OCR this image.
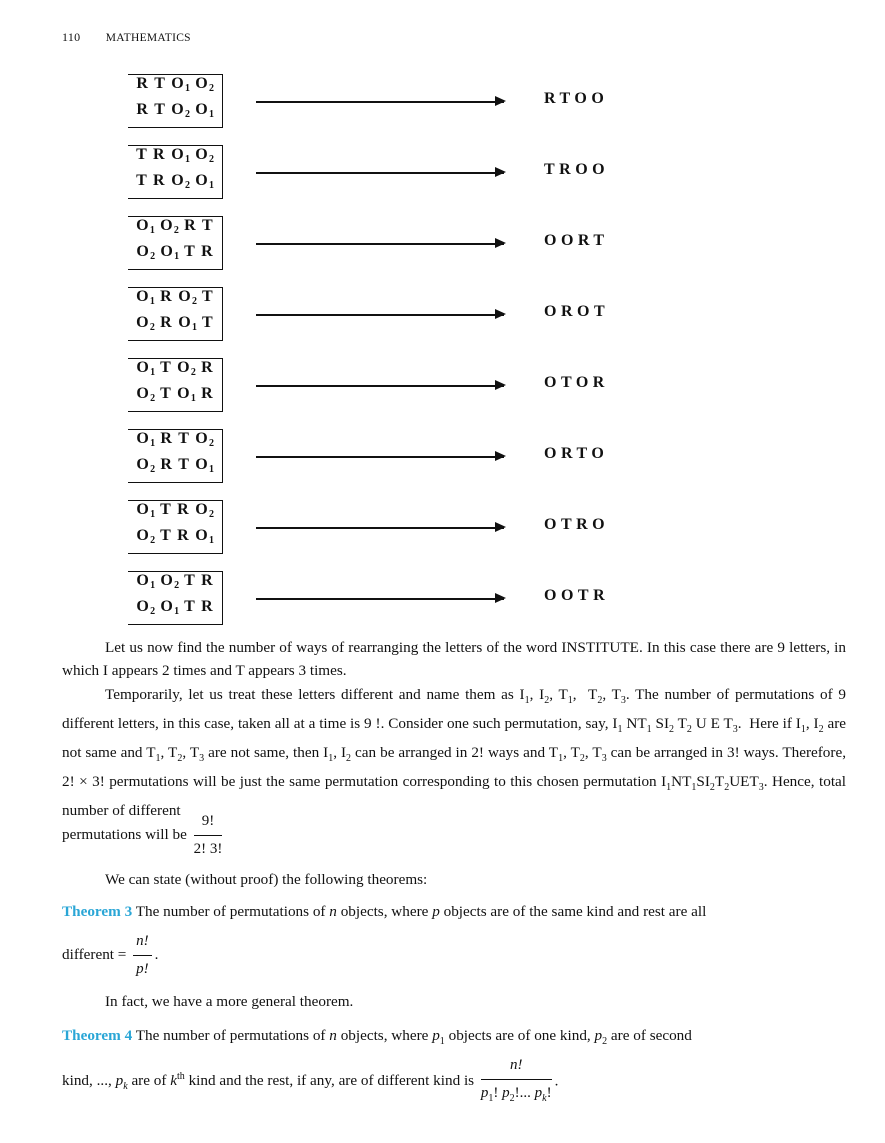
110 MATHEMATICS
R T $O_1$ $O_2$
R T $O_2$ $O_1$
RTOO
T R $O_1$ $O_2$
T R $O_2$ $O_1$
TROO
$O_1$ $O_2$ R T
$O_2$ $O_1$ T R
OORT
$O_1$ R $O_2$ T
$O_2$ R $O_1$ T
OROT
$O_1$ T $O_2$ R
$O_2$ T $O_1$ R
OTOR
$O_1$ R T $O_2$
$O_2$ R T $O_1$
ORTO
$O_1$ T R $O_2$
$O_2$ T R $O_1$
OTRO
$O_1$ $O_2$ T R
$O_2$ $O_1$ T R
OOTR
Let us now find the number of ways of rearranging the letters of the word INSTITUTE. In this case there are 9 letters, in which I appears 2 times and T appears 3 times.
Temporarily, let us treat these letters different and name them as $I_1$, $I_2$, $T_1$,  $T_2$, $T_3$. The number of permutations of 9 different letters, in this case, taken all at a time is 9 !. Consider one such permutation, say, $I_1$ $NT_1$ $SI_2$ $T_2$ U E $T_3$.  Here if $I_1$, $I_2$ are not same and $T_1$, $T_2$, $T_3$ are not same, then $I_1$, $I_2$ can be arranged in 2! ways and $T_1$, $T_2$, $T_3$ can be arranged in 3! ways. Therefore, 2! × 3! permutations will be just the same permutation corresponding to this chosen permutation $I_1NT_1SI_2T_2UET_3$. Hence, total number of different
permutations will be $\frac{9!}{2! 3!}$
We can state (without proof) the following theorems:
Theorem 3 The number of permutations of n objects, where p objects are of the same kind and rest are all
different = $\frac{n!}{p!}$ .
In fact, we have a more general theorem.
Theorem 4 The number of permutations of n objects, where $p_1$ objects are of one kind, $p_2$ are of second
kind, ..., $p_k$ are of $k^{th}$ kind and the rest, if any, are of different kind is $\frac{n!}{p_1! p_2!... p_k!}$ .
